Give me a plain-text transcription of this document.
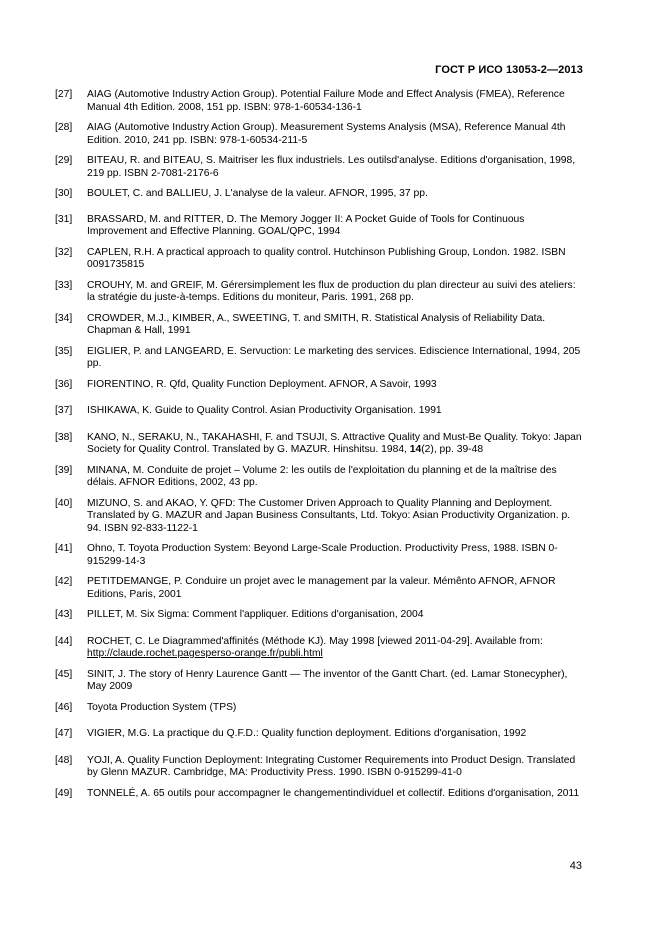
ГОСТ Р ИСО 13053-2—2013
[27]	AIAG (Automotive Industry Action Group). Potential Failure Mode and Effect Analysis (FMEA), Reference Manual 4th Edition. 2008, 151 pp. ISBN: 978-1-60534-136-1
[28]	AIAG (Automotive Industry Action Group). Measurement Systems Analysis (MSA), Reference Manual 4th Edition. 2010, 241 pp. ISBN: 978-1-60534-211-5
[29]	BITEAU, R. and BITEAU, S. Maitriser les flux industriels. Les outilsd'analyse. Editions d'organisation, 1998, 219 pp. ISBN 2-7081-2176-6
[30]	BOULET, C. and BALLIEU, J. L'analyse de la valeur. AFNOR, 1995, 37 pp.
[31]	BRASSARD, M. and RITTER, D. The Memory Jogger II: A Pocket Guide of Tools for Continuous Improvement and Effective Planning. GOAL/QPC, 1994
[32]	CAPLEN, R.H. A practical approach to quality control. Hutchinson Publishing Group, London. 1982. ISBN 0091735815
[33]	CROUHY, M. and GREIF, M. Gérersimplement les flux de production du plan directeur au suivi des ateliers: la stratégie du juste-à-temps. Editions du moniteur, Paris. 1991, 268 pp.
[34]	CROWDER, M.J., KIMBER, A., SWEETING, T. and SMITH, R. Statistical Analysis of Reliability Data. Chapman & Hall, 1991
[35]	EIGLIER, P. and LANGEARD, E. Servuction: Le marketing des services. Ediscience International, 1994, 205 pp.
[36]	FIORENTINO, R. Qfd, Quality Function Deployment. AFNOR, A Savoir, 1993
[37]	ISHIKAWA, K. Guide to Quality Control. Asian Productivity Organisation. 1991
[38]	KANO, N., SERAKU, N., TAKAHASHI, F. and TSUJI, S. Attractive Quality and Must-Be Quality. Tokyo: Japan Society for Quality Control. Translated by G. MAZUR. Hinshitsu. 1984, 14(2), pp. 39-48
[39]	MINANA, M. Conduite de projet – Volume 2: les outils de l'exploitation du planning et de la maîtrise des délais. AFNOR Editions, 2002, 43 pp.
[40]	MIZUNO, S. and AKAO, Y. QFD: The Customer Driven Approach to Quality Planning and Deployment. Translated by G. MAZUR and Japan Business Consultants, Ltd. Tokyo: Asian Productivity Organization. p. 94. ISBN 92-833-1122-1
[41]	Ohno, T. Toyota Production System: Beyond Large-Scale Production. Productivity Press, 1988. ISBN 0-915299-14-3
[42]	PETITDEMANGE, P. Conduire un projet avec le management par la valeur. Mémênto AFNOR, AFNOR Editions, Paris, 2001
[43]	PILLET, M. Six Sigma: Comment l'appliquer. Editions d'organisation, 2004
[44]	ROCHET, C. Le Diagrammed'affinités (Méthode KJ). May 1998 [viewed 2011-04-29]. Available from: http://claude.rochet.pagesperso-orange.fr/publi.html
[45]	SINIT, J. The story of Henry Laurence Gantt — The inventor of the Gantt Chart. (ed. Lamar Stonecypher), May 2009
[46]	Toyota Production System (TPS)
[47]	VIGIER, M.G. La practique du Q.F.D.: Quality function deployment. Editions d'organisation, 1992
[48]	YOJI, A. Quality Function Deployment: Integrating Customer Requirements into Product Design. Translated by Glenn MAZUR. Cambridge, MA: Productivity Press. 1990. ISBN 0-915299-41-0
[49]	TONNELÉ, A. 65 outils pour accompagner le changementindividuel et collectif. Editions d'organisation, 2011
43
